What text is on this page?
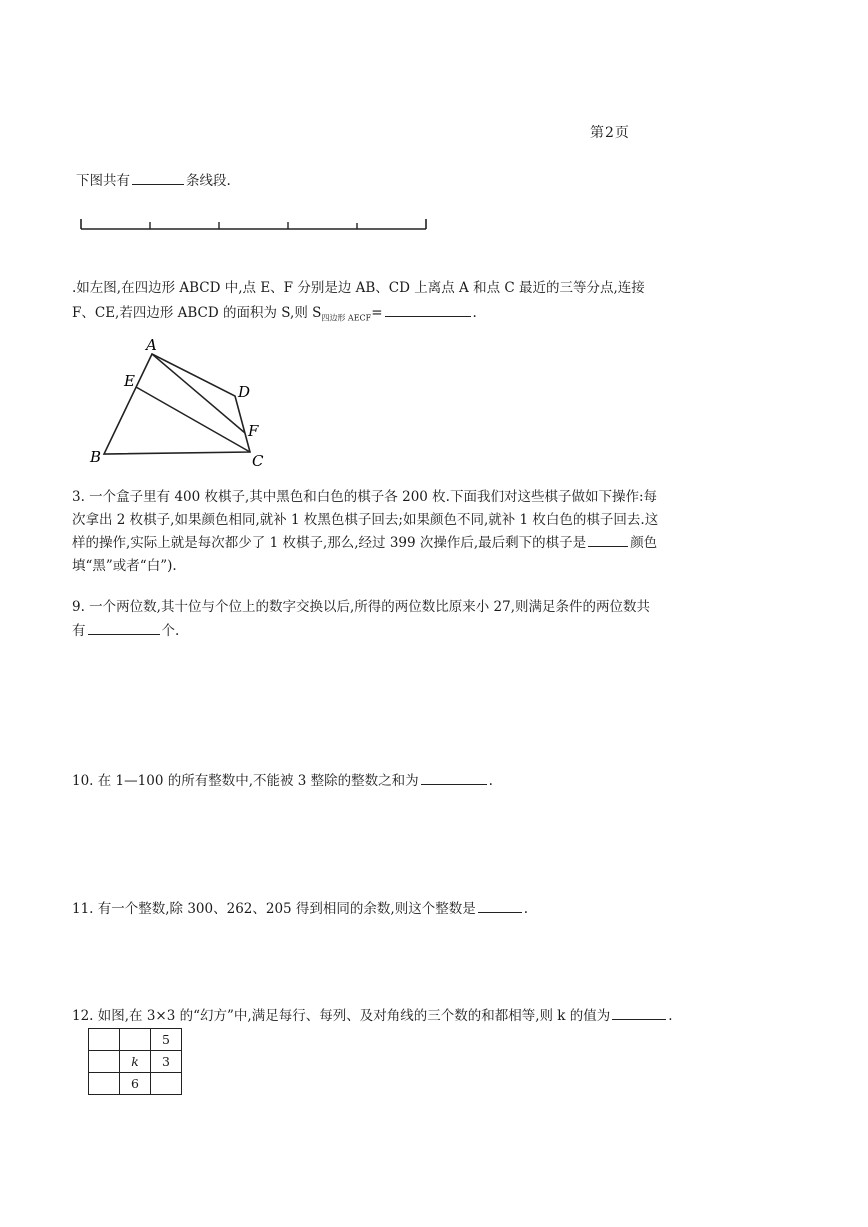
第2页
下图共有	条线段.
.如左图,在四边形 ABCD 中,点 E、F 分别是边 AB、CD 上离点 A 和点 C 最近的三等分点,连接
F、CE,若四边形 ABCD 的面积为 S,则 $S_{四边形 AECF}=$	.
A
E
D
F
B	C
3. 一个盒子里有 400 枚棋子,其中黑色和白色的棋子各 200 枚.下面我们对这些棋子做如下操作:每
次拿出 2 枚棋子,如果颜色相同,就补 1 枚黑色棋子回去;如果颜色不同,就补 1 枚白色的棋子回去.这
样的操作,实际上就是每次都少了 1 枚棋子,那么,经过 399 次操作后,最后剩下的棋子是	颜色
填“黑”或者“白”).
9. 一个两位数,其十位与个位上的数字交换以后,所得的两位数比原来小 27,则满足条件的两位数共
有	个.
10. 在 1—100 的所有整数中,不能被 3 整除的整数之和为	.
11. 有一个整数,除 300、262、205 得到相同的余数,则这个整数是	.
12. 如图,在 3×3 的“幻方”中,满足每行、每列、及对角线的三个数的和都相等,则 k 的值为	.
		5
	k	3
	6	
